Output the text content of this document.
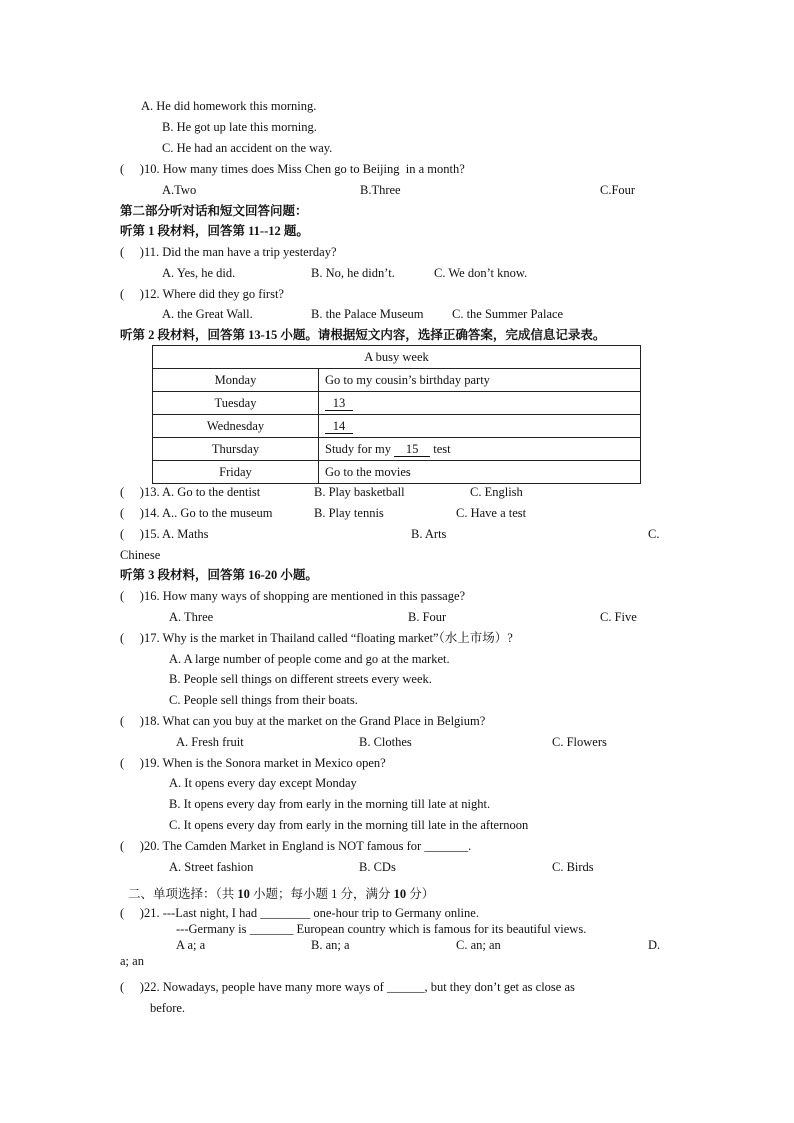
A. He did homework this morning.
B. He got up late this morning.
C. He had an accident on the way.
(     )10. How many times does Miss Chen go to Beijing  in a month?
A.Two	B.Three	C.Four
第二部分听对话和短文回答问题：
听第 1 段材料，回答第 11--12 题。
(     )11. Did the man have a trip yesterday?
A. Yes, he did.	B. No, he didn’t.	C. We don’t know.
(     )12. Where did they go first?
A. the Great Wall.	B. the Palace Museum C. the Summer Palace
听第 2 段材料，回答第 13-15 小题。请根据短文内容，选择正确答案，完成信息记录表。
A busy week	
Monday	Go to my cousin’s birthday party
Tuesday	13
Wednesday	14
Thursday	Study for my 15 test
Friday	Go to the movies
(     )13. A. Go to the dentist	B. Play basketball	C. English
(     )14. A.. Go to the museum	B. Play tennis	C. Have a test
(     )15. A. Maths	B. Arts	C.
Chinese
听第 3 段材料，回答第 16-20 小题。
(     )16. How many ways of shopping are mentioned in this passage?
A. Three	B. Four	C. Five
(     )17. Why is the market in Thailand called “floating market”（水上市场）?
A. A large number of people come and go at the market.
B. People sell things on different streets every week.
C. People sell things from their boats.
(     )18. What can you buy at the market on the Grand Place in Belgium?
A. Fresh fruit	B. Clothes	C. Flowers
(     )19. When is the Sonora market in Mexico open?
A. It opens every day except Monday
B. It opens every day from early in the morning till late at night.
C. It opens every day from early in the morning till late in the afternoon
(     )20. The Camden Market in England is NOT famous for _______.
A. Street fashion	B. CDs	C. Birds
二、单项选择：（共 10 小题；每小题 1 分，满分 10 分）
(     )21. ---Last night, I had ________ one-hour trip to Germany online.
---Germany is _______ European country which is famous for its beautiful views.
A a; a	B. an; a	C. an; an	D.
a; an
(     )22. Nowadays, people have many more ways of ______, but they don’t get as close as
before.
